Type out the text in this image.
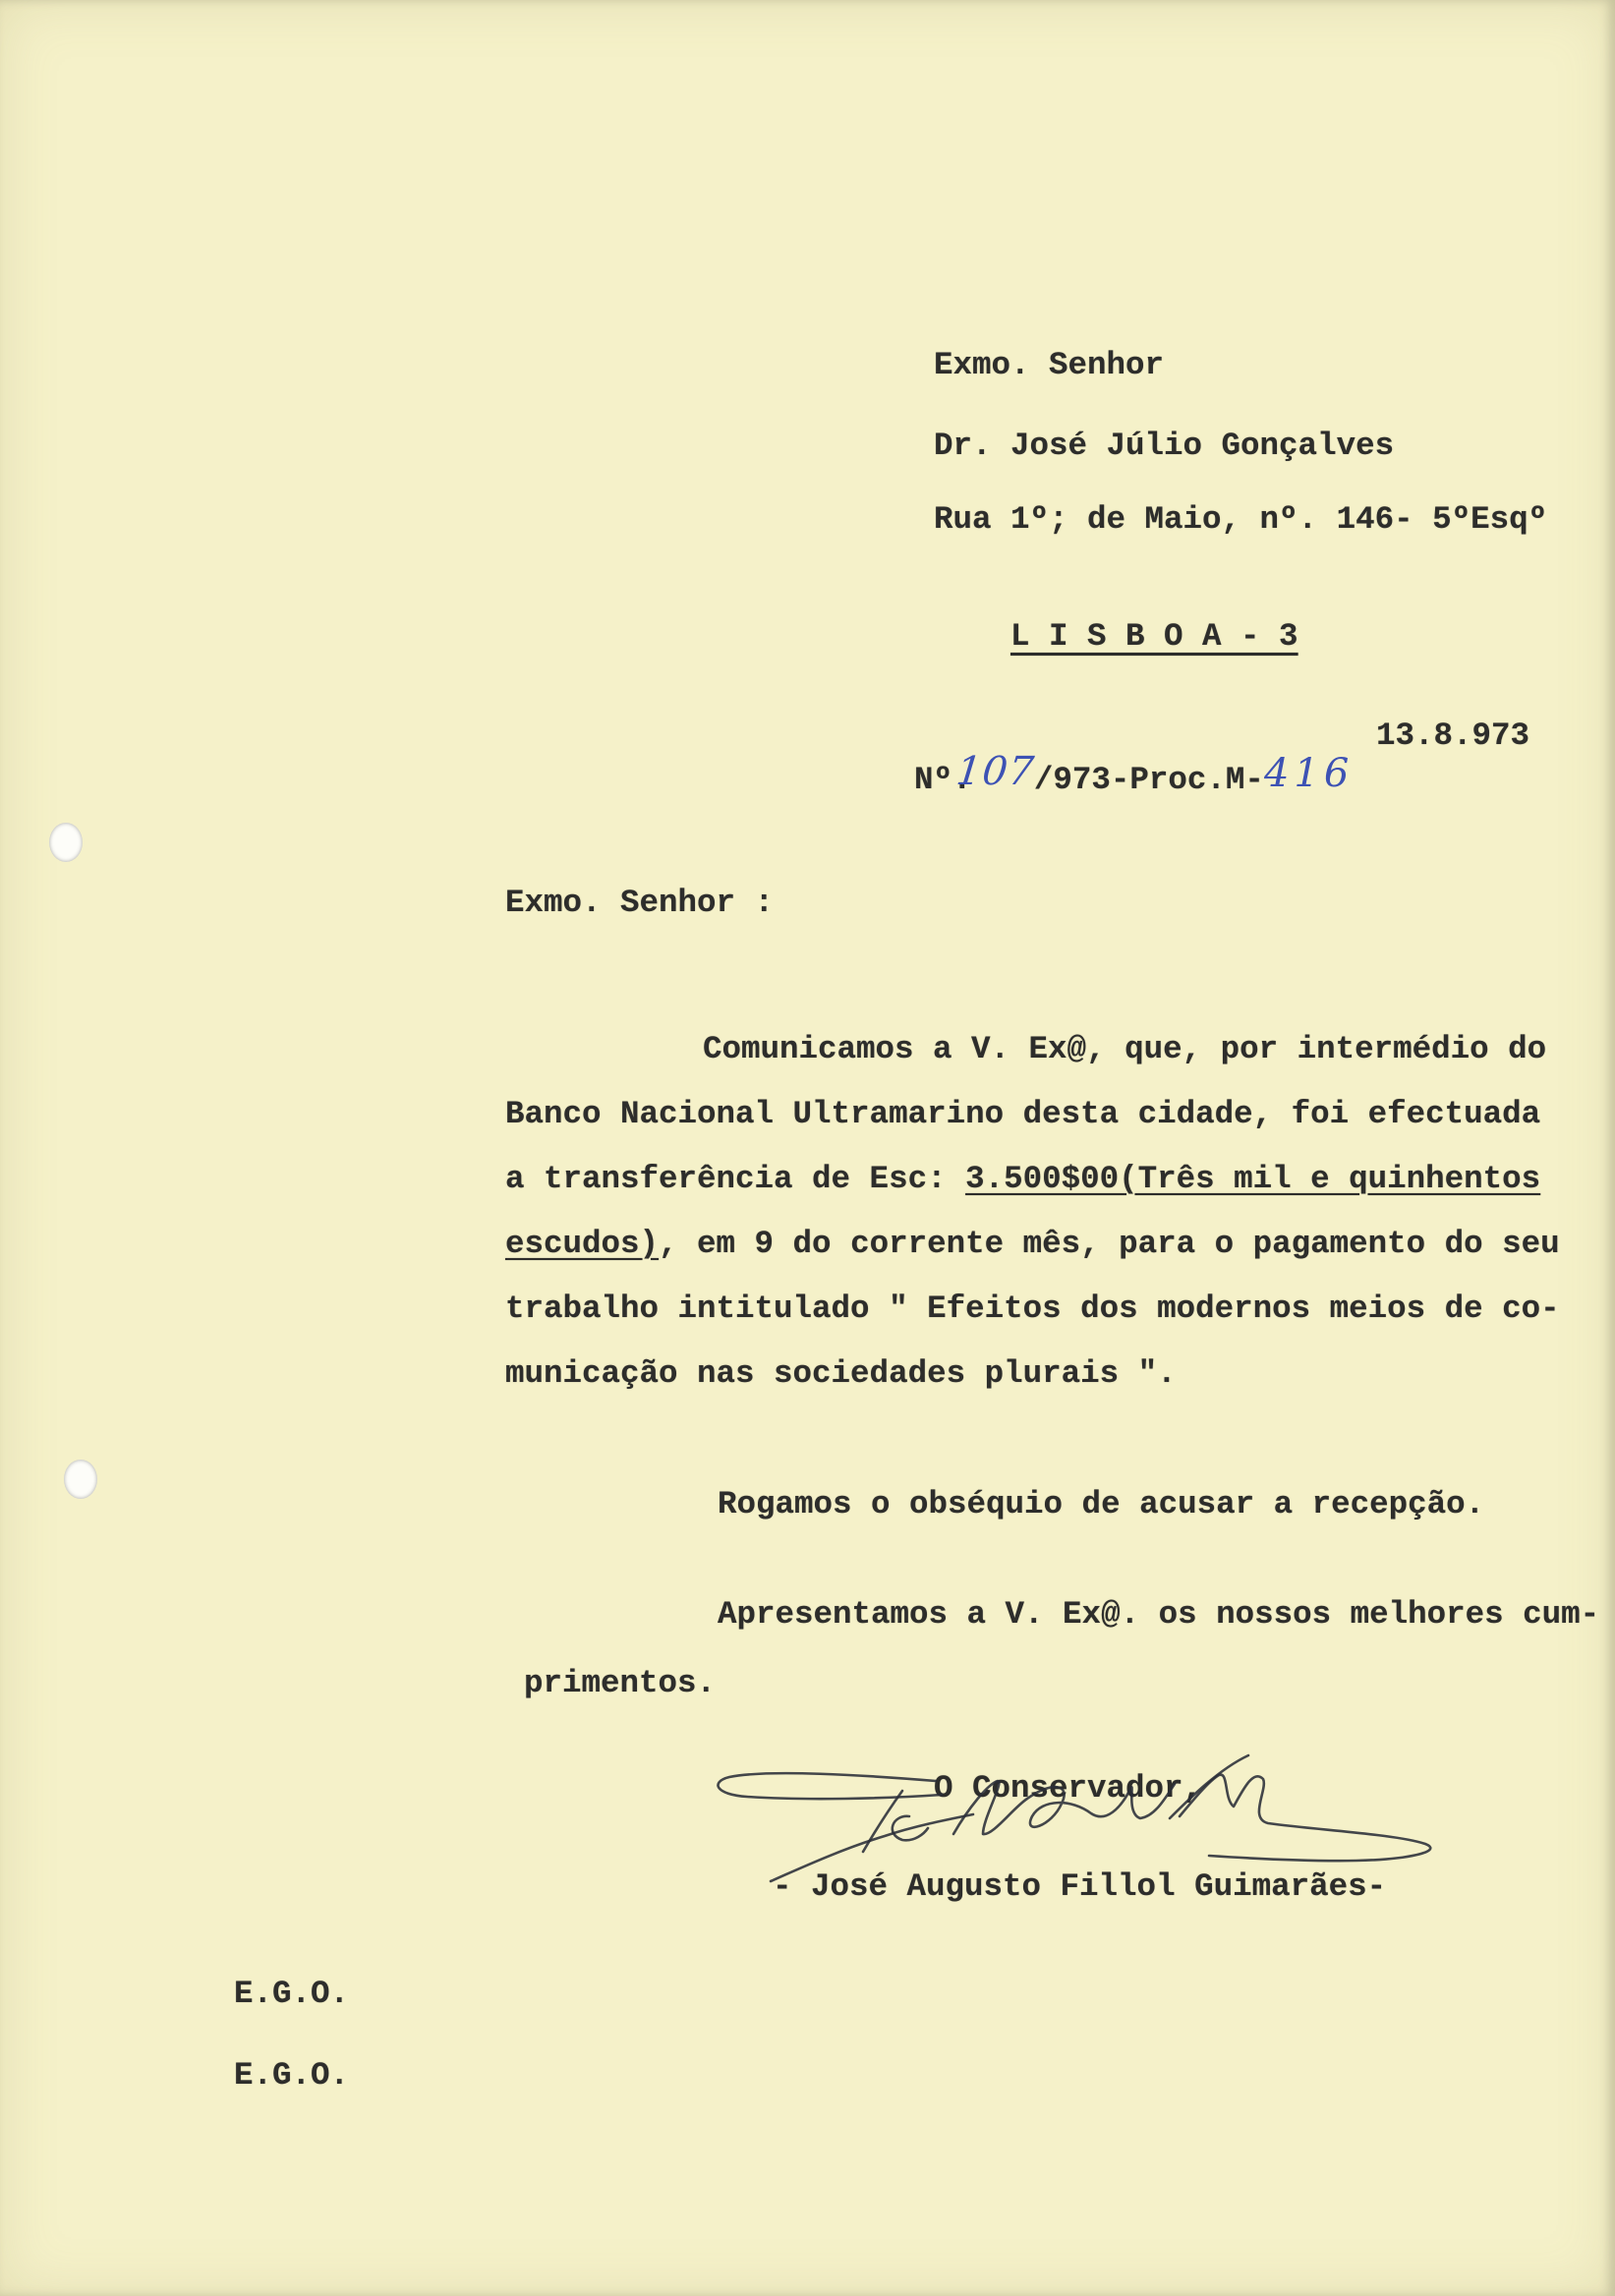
Exmo. Senhor
Dr. José Júlio Gonçalves
Rua 1º; de Maio, nº. 146- 5ºEsqº

L I S B O A - 3

Nº.107/973-Proc.M-416

13.8.973
Exmo. Senhor :
Comunicamos a V. Ex@, que, por intermédio do
Banco Nacional Ultramarino desta cidade, foi efectuada
a transferência de Esc: 3.500$00(Três mil e quinhentos
escudos), em 9 do corrente mês, para o pagamento do seu
trabalho intitulado " Efeitos dos modernos meios de co-
municação nas sociedades plurais ".
Rogamos o obséquio de acusar a recepção.
Apresentamos a V. Ex@. os nossos melhores cum-
primentos.
O Conservador,
- José Augusto Fillol Guimarães-
E.G.O.
E.G.O.
